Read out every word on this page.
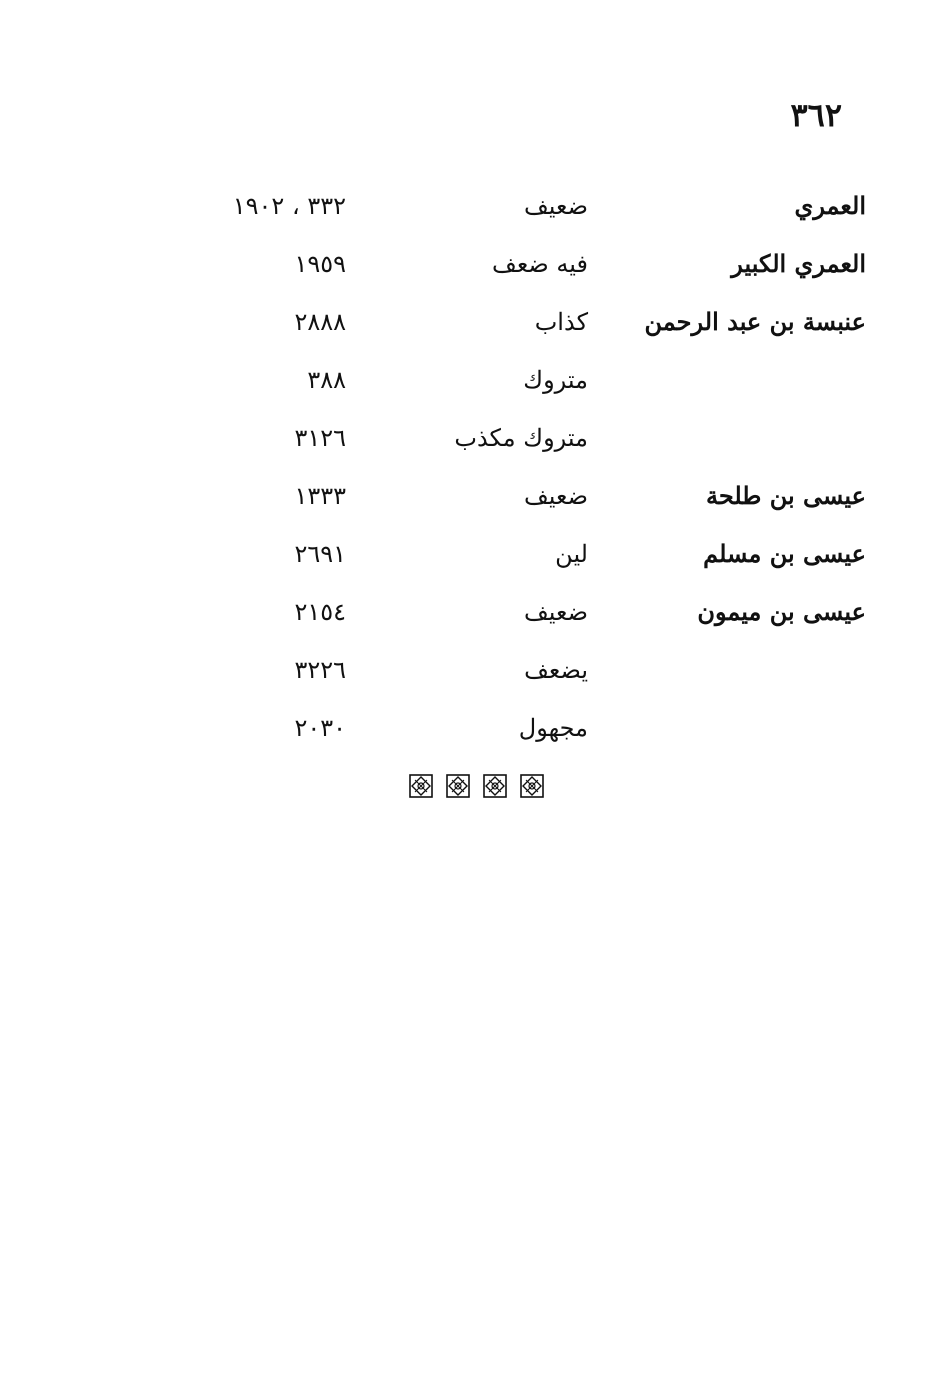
٣٦٢
العمري
ضعيف
٣٣٢ ، ١٩٠٢
العمري الكبير
فيه ضعف
١٩٥٩
عنبسة بن عبد الرحمن
كذاب
٢٨٨٨
متروك
٣٨٨
متروك مكذب
٣١٢٦
عيسى بن طلحة
ضعيف
١٣٣٣
عيسى بن مسلم
لين
٢٦٩١
عيسى بن ميمون
ضعيف
٢١٥٤
يضعف
٣٢٢٦
مجهول
٢٠٣٠
